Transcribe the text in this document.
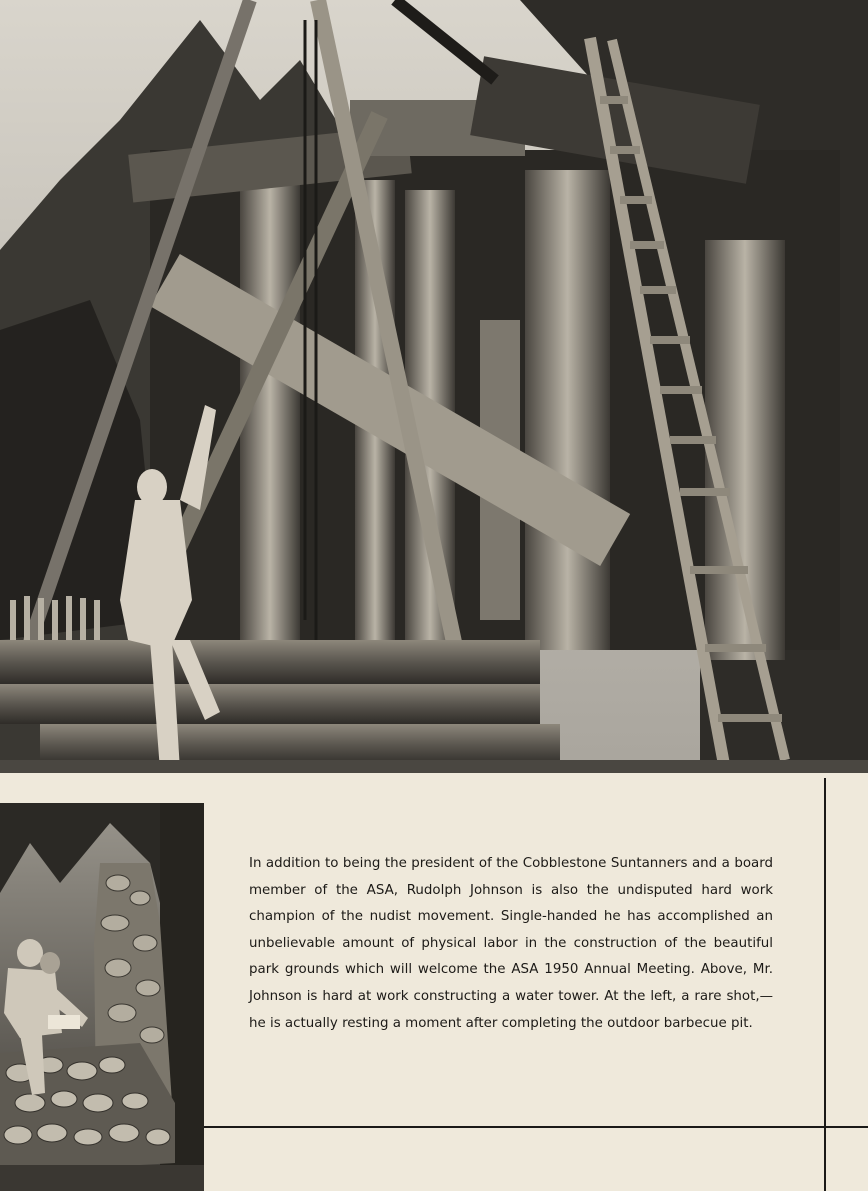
In addition to being the president of the Cobblestone Suntanners and a board member of the ASA, Rudolph Johnson is also the undisputed hard work champion of the nudist movement. Single-handed he has accomplished an unbelievable amount of physical labor in the construction of the beautiful park grounds which will welcome the ASA 1950 Annual Meeting. Above, Mr. Johnson is hard at work constructing a water tower. At the left, a rare shot,—he is actually resting a moment after completing the outdoor barbecue pit.
